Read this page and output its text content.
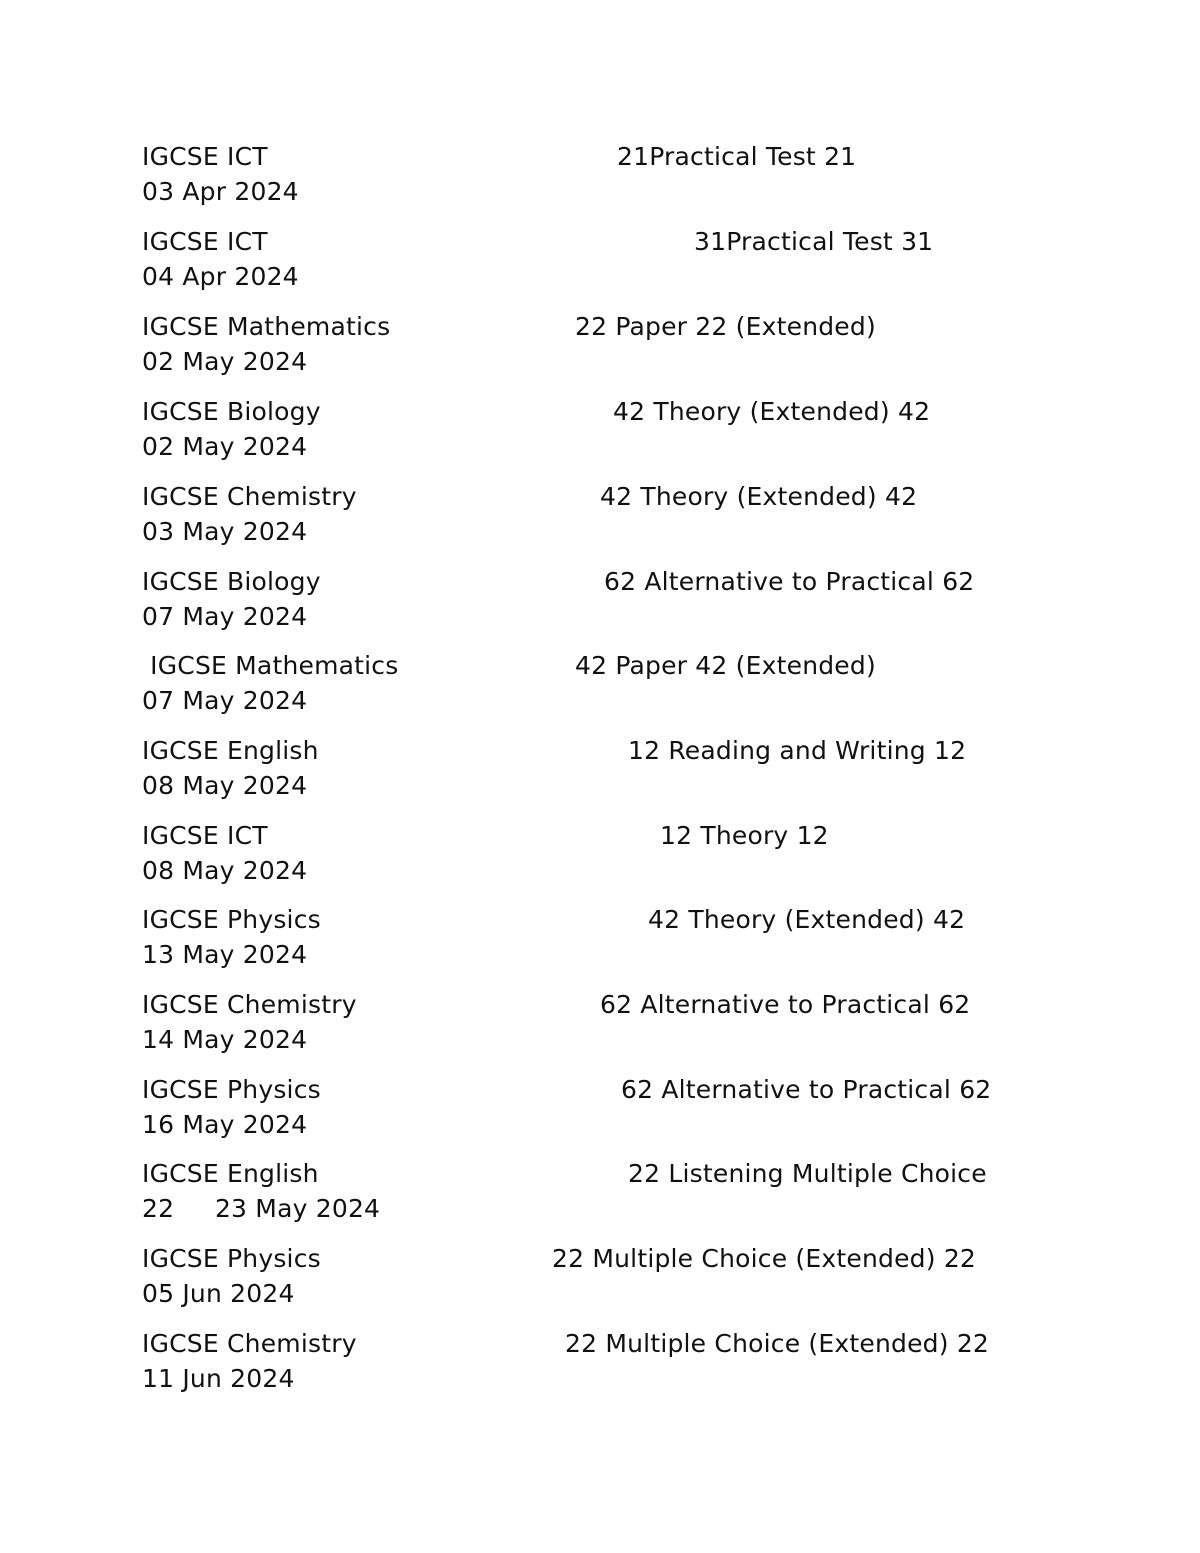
IGCSE ICT	21Practical Test 21
03 Apr 2024
IGCSE ICT	31Practical Test 31
04 Apr 2024
IGCSE Mathematics	22 Paper 22 (Extended)
02 May 2024
IGCSE Biology	42 Theory (Extended) 42
02 May 2024
IGCSE Chemistry	42 Theory (Extended) 42
03 May 2024
IGCSE Biology	62 Alternative to Practical 62
07 May 2024
IGCSE Mathematics	42 Paper 42 (Extended)
07 May 2024
IGCSE English	12 Reading and Writing 12
08 May 2024
IGCSE ICT	12 Theory 12
08 May 2024
IGCSE Physics	42 Theory (Extended) 42
13 May 2024
IGCSE Chemistry	62 Alternative to Practical 62
14 May 2024
IGCSE Physics	62 Alternative to Practical 62
16 May 2024
IGCSE English	22 Listening Multiple Choice
22     23 May 2024
IGCSE Physics	22 Multiple Choice (Extended) 22
05 Jun 2024
IGCSE Chemistry	22 Multiple Choice (Extended) 22
11 Jun 2024
